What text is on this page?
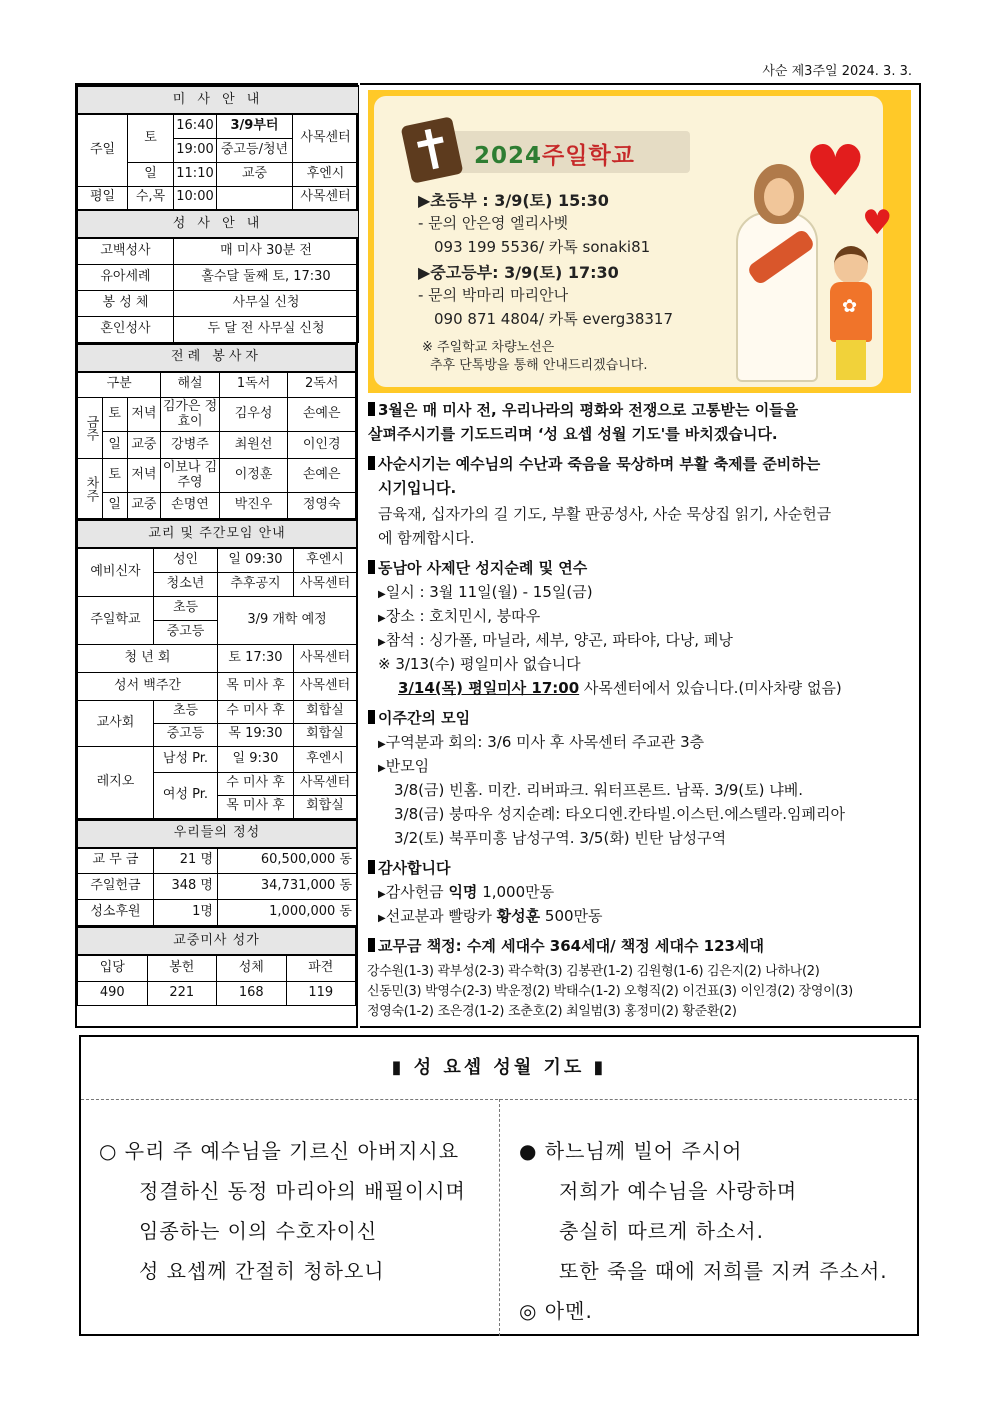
사순 제3주일 2024. 3. 3.
미 사 안 내				
주일	토	16:40	3/9부터	사목센터
		19:00	중고등/청년	
	일	11:10	교중	후엔시
평일	수,목	10:00		사목센터
성 사 안 내				
고백성사		매 미사 30분 전		
유아세례		홀수달 둘째 토, 17:30		
봉 성 체		사무실 신청		
혼인성사		두 달 전 사무실 신청		
전례 봉사자					
구분			해설	1독서	2독서
금주	토	저녁	김가은 정효이	김우성	손예은
	일	교중	강병주	최원선	이인경
차주	토	저녁	이보나 김주영	이정훈	손예은
	일	교중	손명연	박진우	정영숙
교리 및 주간모임 안내			
예비신자	성인	일 09:30	후엔시
	청소년	추후공지	사목센터
주일학교	초등	3/9 개학 예정	
	중고등		
청 년 회		토 17:30	사목센터
성서 백주간		목 미사 후	사목센터
교사회	초등	수 미사 후	회합실
	중고등	목 19:30	회합실
레지오	남성 Pr.	일 9:30	후엔시
	여성 Pr.	수 미사 후	사목센터
		목 미사 후	회합실
우리들의 정성		
교 무 금	21 명	60,500,000 동
주일헌금	348 명	34,731,000 동
성소후원	1명	1,000,000 동
교중미사 성가			
입당	봉헌	성체	파견
490	221	168	119
2024주일학교
▶초등부 : 3/9(토) 15:30
- 문의 안은영 엘리사벳
093 199 5536/ 카톡 sonaki81
▶중고등부: 3/9(토) 17:30
- 문의 박마리 마리안나
090 871 4804/ 카톡 everg38317
※ 주일학교 차량노선은
추후 단톡방을 통해 안내드리겠습니다.
♥
♥
✿
3월은 매 미사 전, 우리나라의 평화와 전쟁으로 고통받는 이들을
살펴주시기를 기도드리며 ‘성 요셉 성월 기도'를 바치겠습니다.
사순시기는 예수님의 수난과 죽음을 묵상하며 부활 축제를 준비하는
시기입니다.
금육재, 십자가의 길 기도, 부활 판공성사, 사순 묵상집 읽기, 사순헌금
에 함께합시다.
동남아 사제단 성지순례 및 연수
▶일시 : 3월 11일(월) - 15일(금)
▶장소 : 호치민시, 붕따우
▶참석 : 싱가폴, 마닐라, 세부, 양곤, 파타야, 다낭, 페낭
※ 3/13(수) 평일미사 없습니다
3/14(목) 평일미사 17:00 사목센터에서 있습니다.(미사차량 없음)
이주간의 모임
▶구역분과 회의: 3/6 미사 후 사목센터 주교관 3층
▶반모임
3/8(금) 빈홈. 미칸. 리버파크. 워터프론트. 남푹. 3/9(토) 냐베.
3/8(금) 붕따우 성지순례: 타오디엔.칸타빌.이스턴.에스텔라.임페리아
3/2(토) 북푸미흥 남성구역. 3/5(화) 빈탄 남성구역
감사합니다
▶감사헌금 익명 1,000만동
▶선교분과 빨랑카 황성훈 500만동
교무금 책정: 수계 세대수 364세대/ 책정 세대수 123세대
강수원(1-3) 곽부성(2-3) 곽수학(3) 김봉관(1-2) 김원형(1-6) 김은지(2) 나하나(2)
신동민(3) 박영수(2-3) 박운정(2) 박태수(1-2) 오형직(2) 이건표(3) 이인경(2) 장영이(3)
정영숙(1-2) 조은경(1-2) 조춘호(2) 최일범(3) 홍정미(2) 황준환(2)
▮ 성 요셉 성월 기도 ▮
○ 우리 주 예수님을 기르신 아버지시요
정결하신 동정 마리아의 배필이시며
임종하는 이의 수호자이신
성 요셉께 간절히 청하오니
● 하느님께 빌어 주시어
저희가 예수님을 사랑하며
충실히 따르게 하소서.
또한 죽을 때에 저희를 지켜 주소서.
◎ 아멘.
